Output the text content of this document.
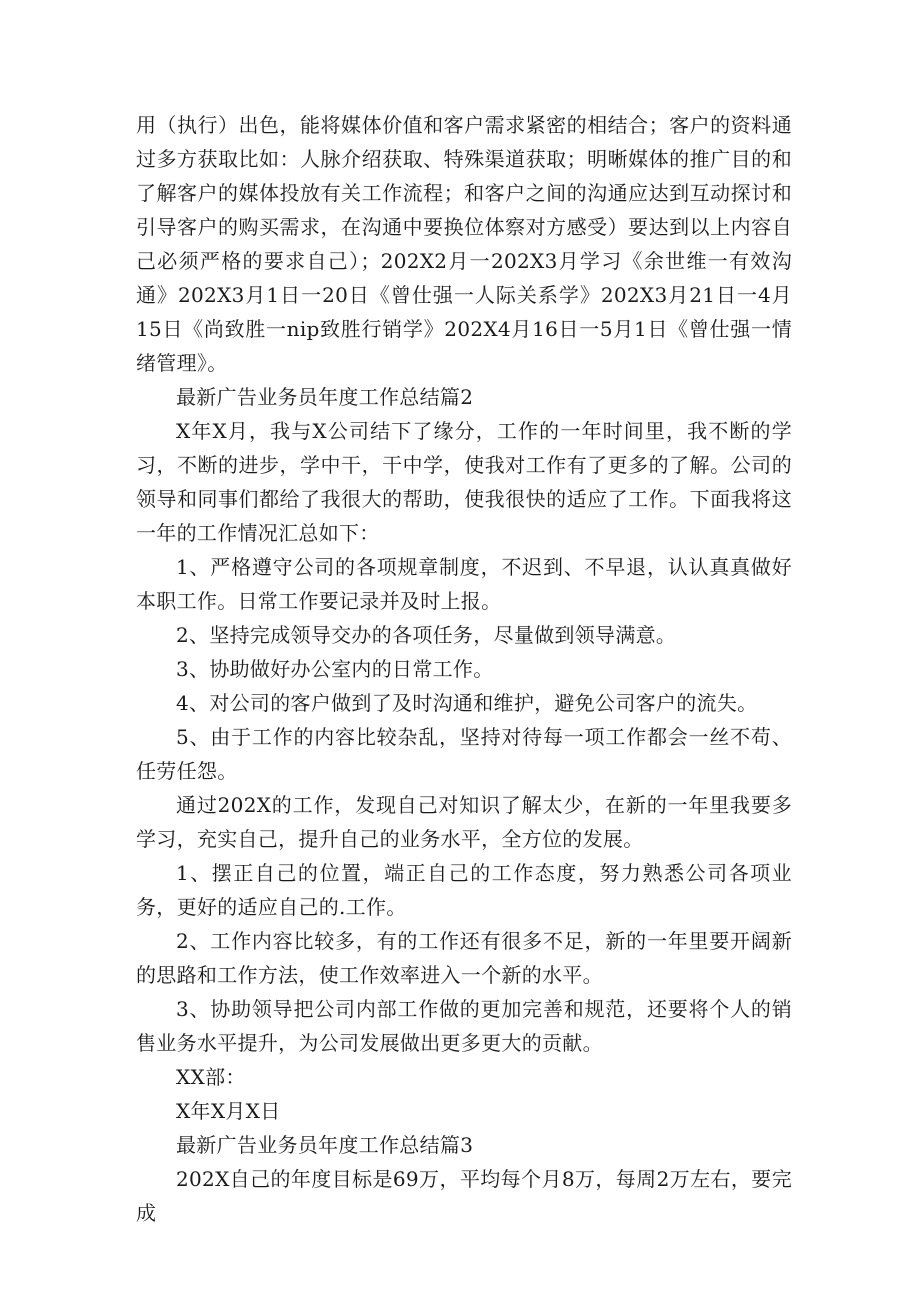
用（执行）出色，能将媒体价值和客户需求紧密的相结合；客户的资料通过多方获取比如：人脉介绍获取、特殊渠道获取；明晰媒体的推广目的和了解客户的媒体投放有关工作流程；和客户之间的沟通应达到互动探讨和引导客户的购买需求，在沟通中要换位体察对方感受）要达到以上内容自己必须严格的要求自己）；202X2月一202X3月学习《余世维一有效沟通》202X3月1日一20日《曾仕强一人际关系学》202X3月21日一4月15日《尚致胜一nip致胜行销学》202X4月16日一5月1日《曾仕强一情绪管理》。

最新广告业务员年度工作总结篇2

X年X月，我与X公司结下了缘分，工作的一年时间里，我不断的学习，不断的进步，学中干，干中学，使我对工作有了更多的了解。公司的领导和同事们都给了我很大的帮助，使我很快的适应了工作。下面我将这一年的工作情况汇总如下：

1、严格遵守公司的各项规章制度，不迟到、不早退，认认真真做好本职工作。日常工作要记录并及时上报。

2、坚持完成领导交办的各项任务，尽量做到领导满意。

3、协助做好办公室内的日常工作。

4、对公司的客户做到了及时沟通和维护，避免公司客户的流失。

5、由于工作的内容比较杂乱，坚持对待每一项工作都会一丝不苟、任劳任怨。

通过202X的工作，发现自己对知识了解太少，在新的一年里我要多学习，充实自己，提升自己的业务水平，全方位的发展。

1、摆正自己的位置，端正自己的工作态度，努力熟悉公司各项业务，更好的适应自己的.工作。

2、工作内容比较多，有的工作还有很多不足，新的一年里要开阔新的思路和工作方法，使工作效率进入一个新的水平。

3、协助领导把公司内部工作做的更加完善和规范，还要将个人的销售业务水平提升，为公司发展做出更多更大的贡献。

XX部：

X年X月X日

最新广告业务员年度工作总结篇3

202X自己的年度目标是69万，平均每个月8万，每周2万左右，要完成
